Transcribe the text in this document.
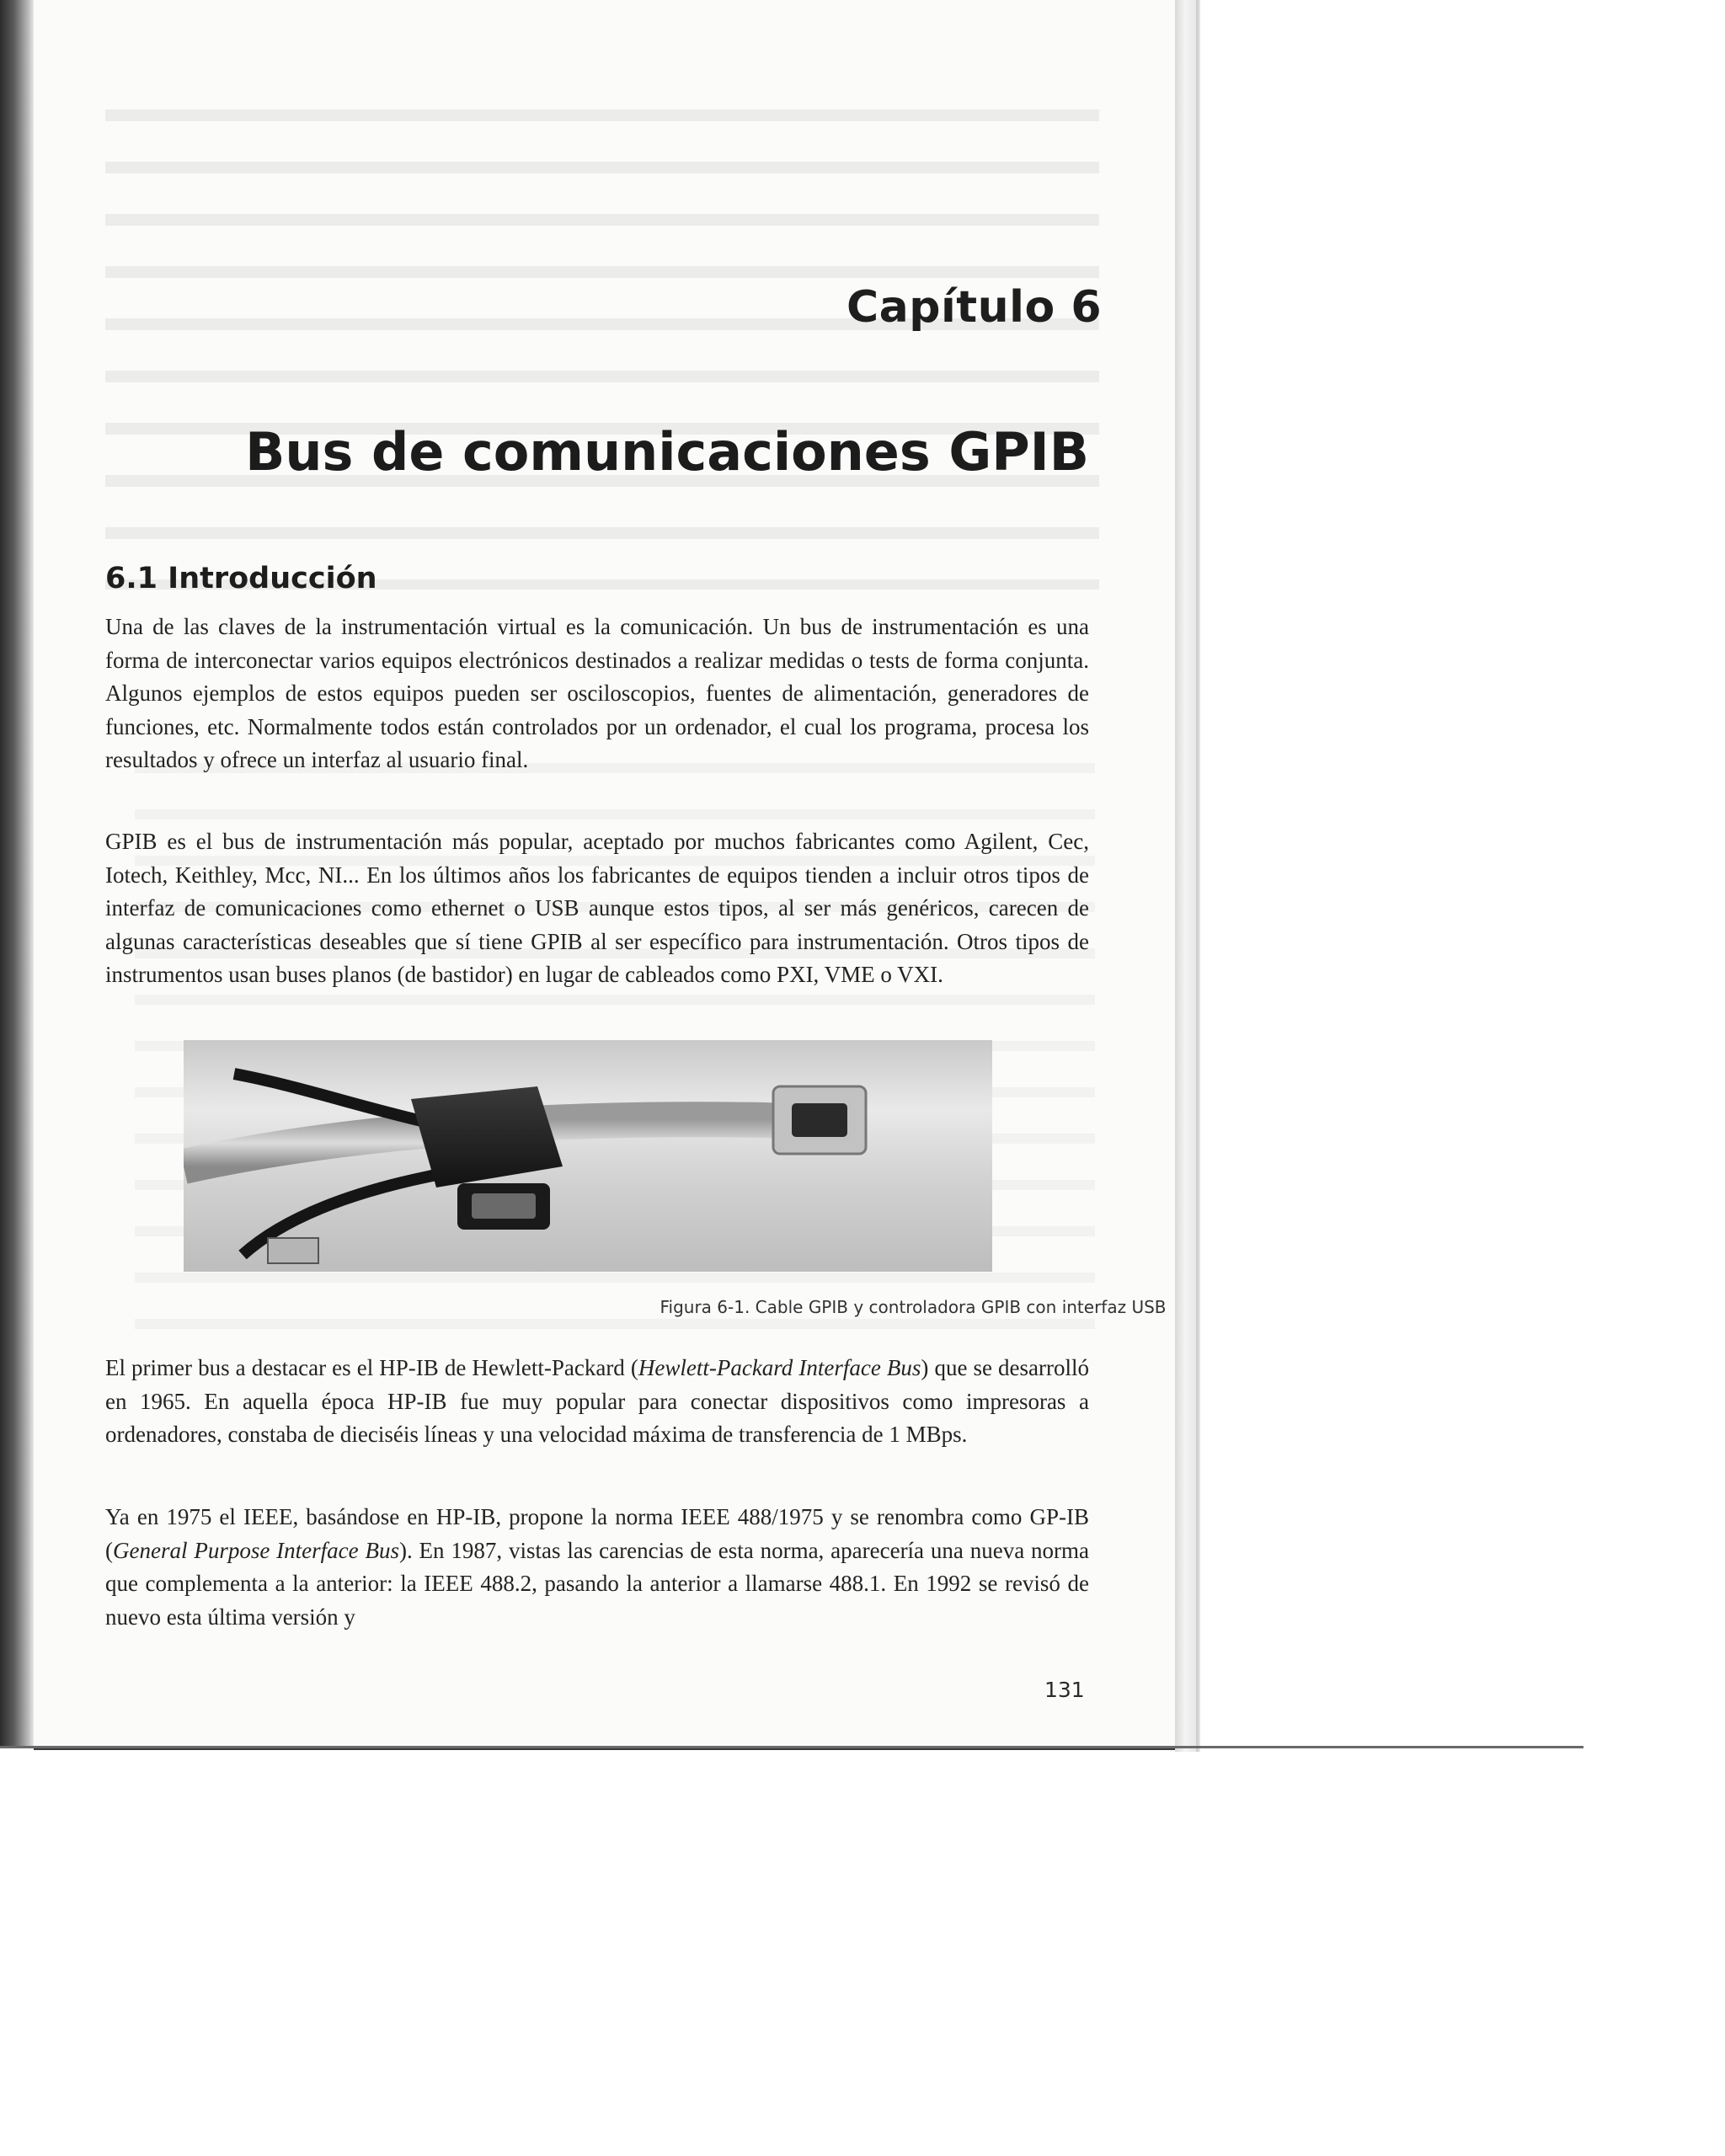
Capítulo 6
Bus de comunicaciones GPIB
6.1 Introducción

Una de las claves de la instrumentación virtual es la comunicación. Un bus de instrumentación es una forma de interconectar varios equipos electrónicos destinados a realizar medidas o tests de forma conjunta. Algunos ejemplos de estos equipos pueden ser osciloscopios, fuentes de alimentación, generadores de funciones, etc. Normalmente todos están controlados por un ordenador, el cual los programa, procesa los resultados y ofrece un interfaz al usuario final.

GPIB es el bus de instrumentación más popular, aceptado por muchos fabricantes como Agilent, Cec, Iotech, Keithley, Mcc, NI... En los últimos años los fabricantes de equipos tienden a incluir otros tipos de interfaz de comunicaciones como ethernet o USB aunque estos tipos, al ser más genéricos, carecen de algunas características deseables que sí tiene GPIB al ser específico para instrumentación. Otros tipos de instrumentos usan buses planos (de bastidor) en lugar de cableados como PXI, VME o VXI.

Figura 6-1. Cable GPIB y controladora GPIB con interfaz USB

El primer bus a destacar es el HP-IB de Hewlett-Packard (Hewlett-Packard Interface Bus) que se desarrolló en 1965. En aquella época HP-IB fue muy popular para conectar dispositivos como impresoras a ordenadores, constaba de dieciséis líneas y una velocidad máxima de transferencia de 1 MBps.

Ya en 1975 el IEEE, basándose en HP-IB, propone la norma IEEE 488/1975 y se renombra como GP-IB (General Purpose Interface Bus). En 1987, vistas las carencias de esta norma, aparecería una nueva norma que complementa a la anterior: la IEEE 488.2, pasando la anterior a llamarse 488.1. En 1992 se revisó de nuevo esta última versión y

131
